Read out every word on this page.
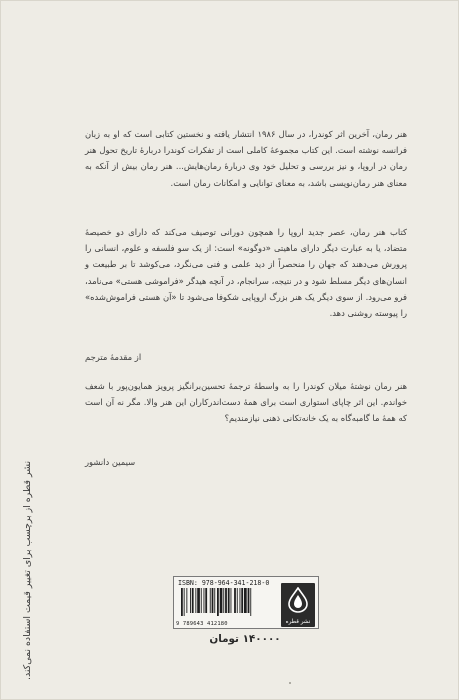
هنر رمان، آخرین اثر کوندرا، در سال ۱۹۸۶ انتشار یافته و نخستین کتابی است که او به زبان فرانسه نوشته است. این کتاب مجموعهٔ کاملی است از تفکرات کوندرا دربارهٔ تاریخ تحول هنر رمان در اروپا، و نیز بررسی و تحلیل خود وی دربارهٔ رمان‌هایش... هنر رمان بیش از آنکه به معنای هنر رمان‌نویسی باشد، به معنای توانایی و امکانات رمان است.

کتاب هنر رمان، عصر جدید اروپا را همچون دورانی توصیف می‌کند که دارای دو خصیصهٔ متضاد، یا به عبارت دیگر دارای ماهیتی «دوگونه» است: از یک سو فلسفه و علوم، انسانی را پرورش می‌دهند که جهان را منحصراً از دید علمی و فنی می‌نگرد، می‌کوشد تا بر طبیعت و انسان‌های دیگر مسلط شود و در نتیجه، سرانجام، در آنچه هیدگر «فراموشی هستی» می‌نامد، فرو می‌رود. از سوی دیگر یک هنر بزرگ اروپایی شکوفا می‌شود تا «آن هستی فراموش‌شده» را پیوسته روشنی دهد.

از مقدمهٔ مترجم

هنر رمان نوشتهٔ میلان کوندرا را به واسطهٔ ترجمهٔ تحسین‌برانگیز پرویز همایون‌پور با شعف خواندم. این اثر چاپای استواری است برای همهٔ دست‌اندرکاران این هنر والا. مگر نه آن است که همهٔ ما گامبه‌گاه به یک خانه‌تکانی ذهنی نیازمندیم؟

سیمین دانشور
نشر قطره از برچسب برای تغییر قیمت استفاده نمی‌کند.	ISBN: 978-964-341-218-0
9 789643 412180	نشر قطره
۱۴۰۰۰۰ تومان
